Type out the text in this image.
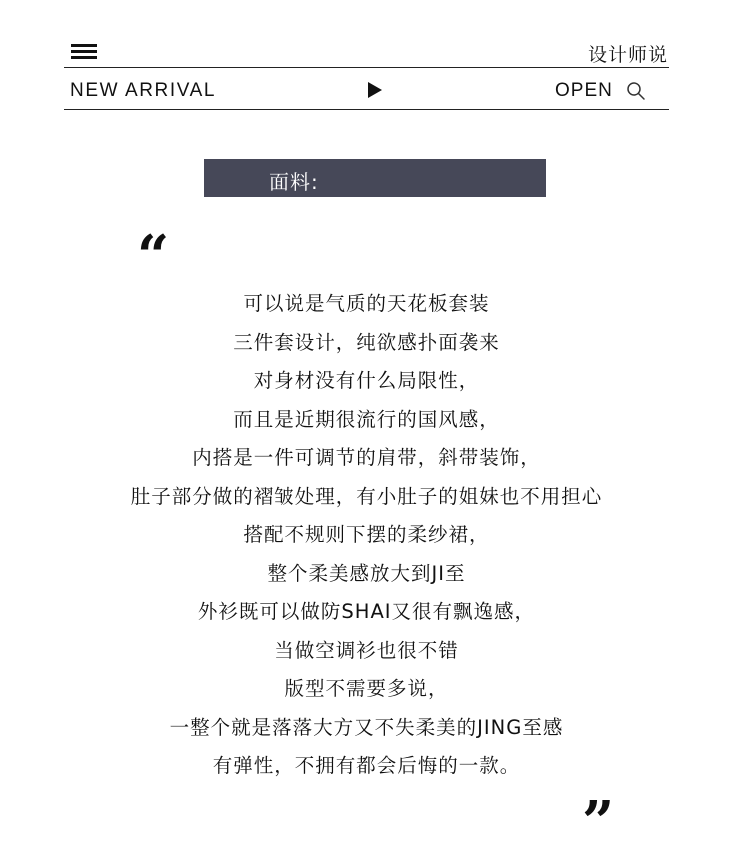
设计师说
NEW ARRIVAL	OPEN
面料:
“
可以说是气质的天花板套装
三件套设计，纯欲感扑面袭来
对身材没有什么局限性，
而且是近期很流行的国风感，
内搭是一件可调节的肩带，斜带装饰，
肚子部分做的褶皱处理，有小肚子的姐妹也不用担心
搭配不规则下摆的柔纱裙，
整个柔美感放大到JI至
外衫既可以做防SHAI又很有飘逸感，
当做空调衫也很不错
版型不需要多说，
一整个就是落落大方又不失柔美的JING至感
有弹性，不拥有都会后悔的一款。
”
